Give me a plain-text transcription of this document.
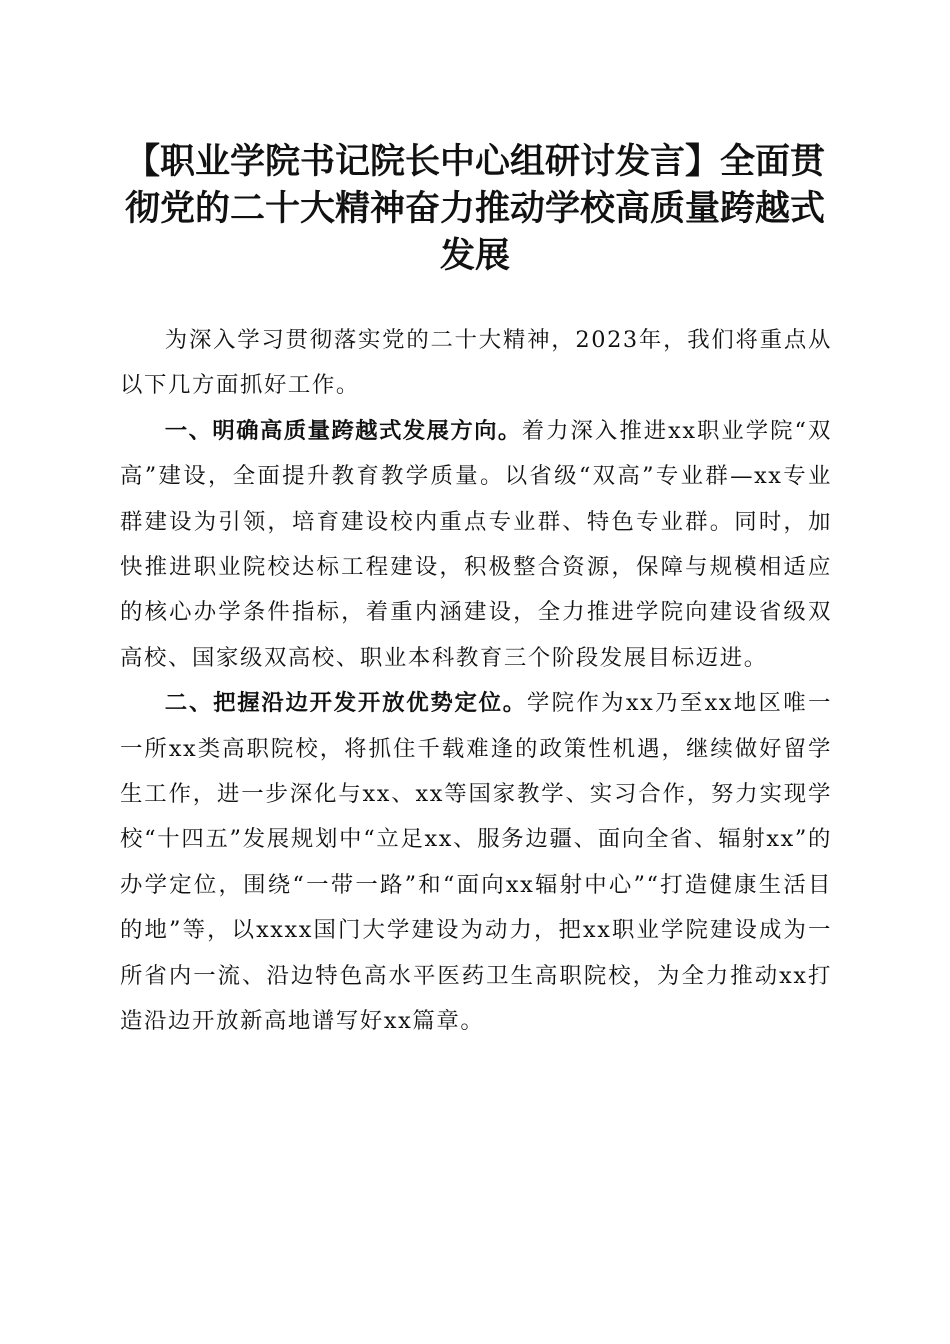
【职业学院书记院长中心组研讨发言】全面贯彻党的二十大精神奋力推动学校高质量跨越式发展

为深入学习贯彻落实党的二十大精神，2023年，我们将重点从以下几方面抓好工作。

一、明确高质量跨越式发展方向。着力深入推进xx职业学院“双高”建设，全面提升教育教学质量。以省级“双高”专业群—xx专业群建设为引领，培育建设校内重点专业群、特色专业群。同时，加快推进职业院校达标工程建设，积极整合资源，保障与规模相适应的核心办学条件指标，着重内涵建设，全力推进学院向建设省级双高校、国家级双高校、职业本科教育三个阶段发展目标迈进。

二、把握沿边开发开放优势定位。学院作为xx乃至xx地区唯一一所xx类高职院校，将抓住千载难逢的政策性机遇，继续做好留学生工作，进一步深化与xx、xx等国家教学、实习合作，努力实现学校“十四五”发展规划中“立足xx、服务边疆、面向全省、辐射xx”的办学定位，围绕“一带一路”和“面向xx辐射中心”“打造健康生活目的地”等，以xxxx国门大学建设为动力，把xx职业学院建设成为一所省内一流、沿边特色高水平医药卫生高职院校，为全力推动xx打造沿边开放新高地谱写好xx篇章。
